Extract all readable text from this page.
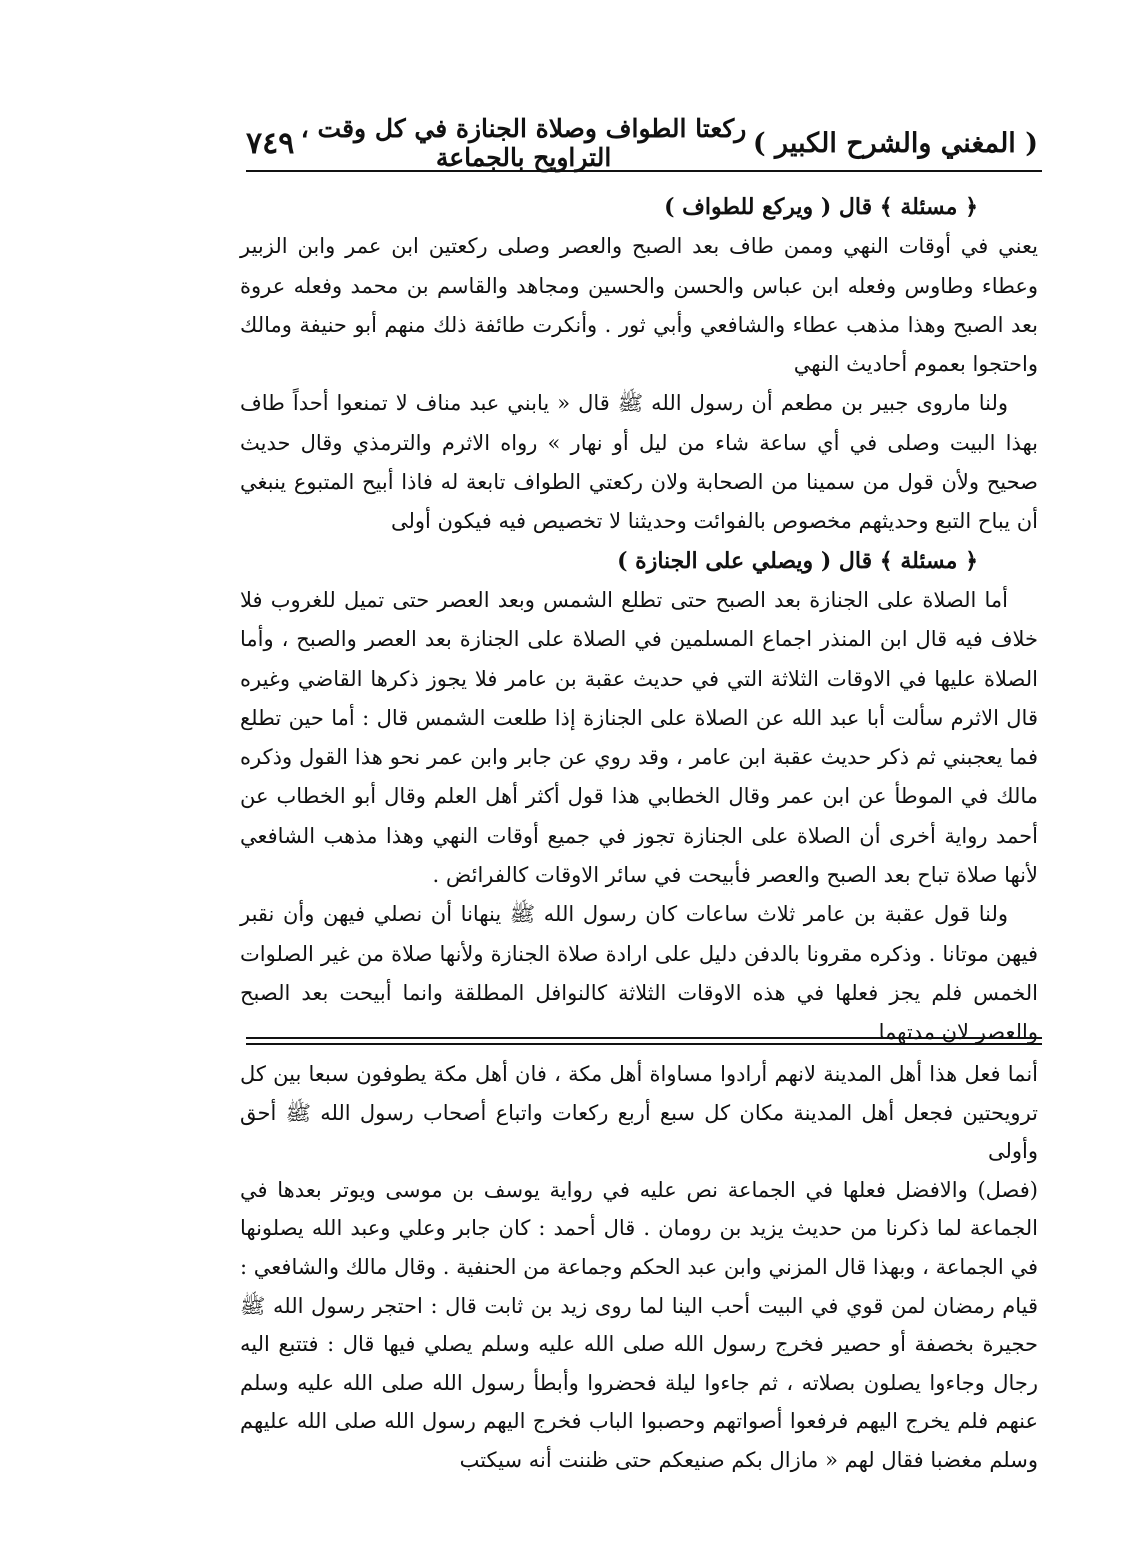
( المغني والشرح الكبير )
ركعتا الطواف وصلاة الجنازة في كل وقت ، التراويح بالجماعة
٧٤٩

﴿ مسئلة ﴾ قال ( ويركع للطواف )

يعني في أوقات النهي وممن طاف بعد الصبح والعصر وصلى ركعتين ابن عمر وابن الزبير وعطاء وطاوس وفعله ابن عباس والحسن والحسين ومجاهد والقاسم بن محمد وفعله عروة بعد الصبح وهذا مذهب عطاء والشافعي وأبي ثور . وأنكرت طائفة ذلك منهم أبو حنيفة ومالك واحتجوا بعموم أحاديث النهي

ولنا ماروى جبير بن مطعم أن رسول الله ﷺ قال « يابني عبد مناف لا تمنعوا أحداً طاف بهذا البيت وصلى في أي ساعة شاء من ليل أو نهار » رواه الاثرم والترمذي وقال حديث صحيح ولأن قول من سمينا من الصحابة ولان ركعتي الطواف تابعة له فاذا أبيح المتبوع ينبغي أن يباح التبع وحديثهم مخصوص بالفوائت وحديثنا لا تخصيص فيه فيكون أولى

﴿ مسئلة ﴾ قال ( ويصلي على الجنازة )

أما الصلاة على الجنازة بعد الصبح حتى تطلع الشمس وبعد العصر حتى تميل للغروب فلا خلاف فيه قال ابن المنذر اجماع المسلمين في الصلاة على الجنازة بعد العصر والصبح ، وأما الصلاة عليها في الاوقات الثلاثة التي في حديث عقبة بن عامر فلا يجوز ذكرها القاضي وغيره قال الاثرم سألت أبا عبد الله عن الصلاة على الجنازة إذا طلعت الشمس قال : أما حين تطلع فما يعجبني ثم ذكر حديث عقبة ابن عامر ، وقد روي عن جابر وابن عمر نحو هذا القول وذكره مالك في الموطأ عن ابن عمر وقال الخطابي هذا قول أكثر أهل العلم وقال أبو الخطاب عن أحمد رواية أخرى أن الصلاة على الجنازة تجوز في جميع أوقات النهي وهذا مذهب الشافعي لأنها صلاة تباح بعد الصبح والعصر فأبيحت في سائر الاوقات كالفرائض .

ولنا قول عقبة بن عامر ثلاث ساعات كان رسول الله ﷺ ينهانا أن نصلي فيهن وأن نقبر فيهن موتانا . وذكره مقرونا بالدفن دليل على ارادة صلاة الجنازة ولأنها صلاة من غير الصلوات الخمس فلم يجز فعلها في هذه الاوقات الثلاثة كالنوافل المطلقة وانما أبيحت بعد الصبح والعصر لان مدتهما

أنما فعل هذا أهل المدينة لانهم أرادوا مساواة أهل مكة ، فان أهل مكة يطوفون سبعا بين كل ترويحتين فجعل أهل المدينة مكان كل سبع أربع ركعات واتباع أصحاب رسول الله ﷺ أحق وأولى

(فصل) والافضل فعلها في الجماعة نص عليه في رواية يوسف بن موسى ويوتر بعدها في الجماعة لما ذكرنا من حديث يزيد بن رومان . قال أحمد : كان جابر وعلي وعبد الله يصلونها في الجماعة ، وبهذا قال المزني وابن عبد الحكم وجماعة من الحنفية . وقال مالك والشافعي : قيام رمضان لمن قوي في البيت أحب الينا لما روى زيد بن ثابت قال : احتجر رسول الله ﷺ حجيرة بخصفة أو حصير فخرج رسول الله صلى الله عليه وسلم يصلي فيها قال : فتتبع اليه رجال وجاءوا يصلون بصلاته ، ثم جاءوا ليلة فحضروا وأبطأ رسول الله صلى الله عليه وسلم عنهم فلم يخرج اليهم فرفعوا أصواتهم وحصبوا الباب فخرج اليهم رسول الله صلى الله عليهم وسلم مغضبا فقال لهم « مازال بكم صنيعكم حتى ظننت أنه سيكتب
